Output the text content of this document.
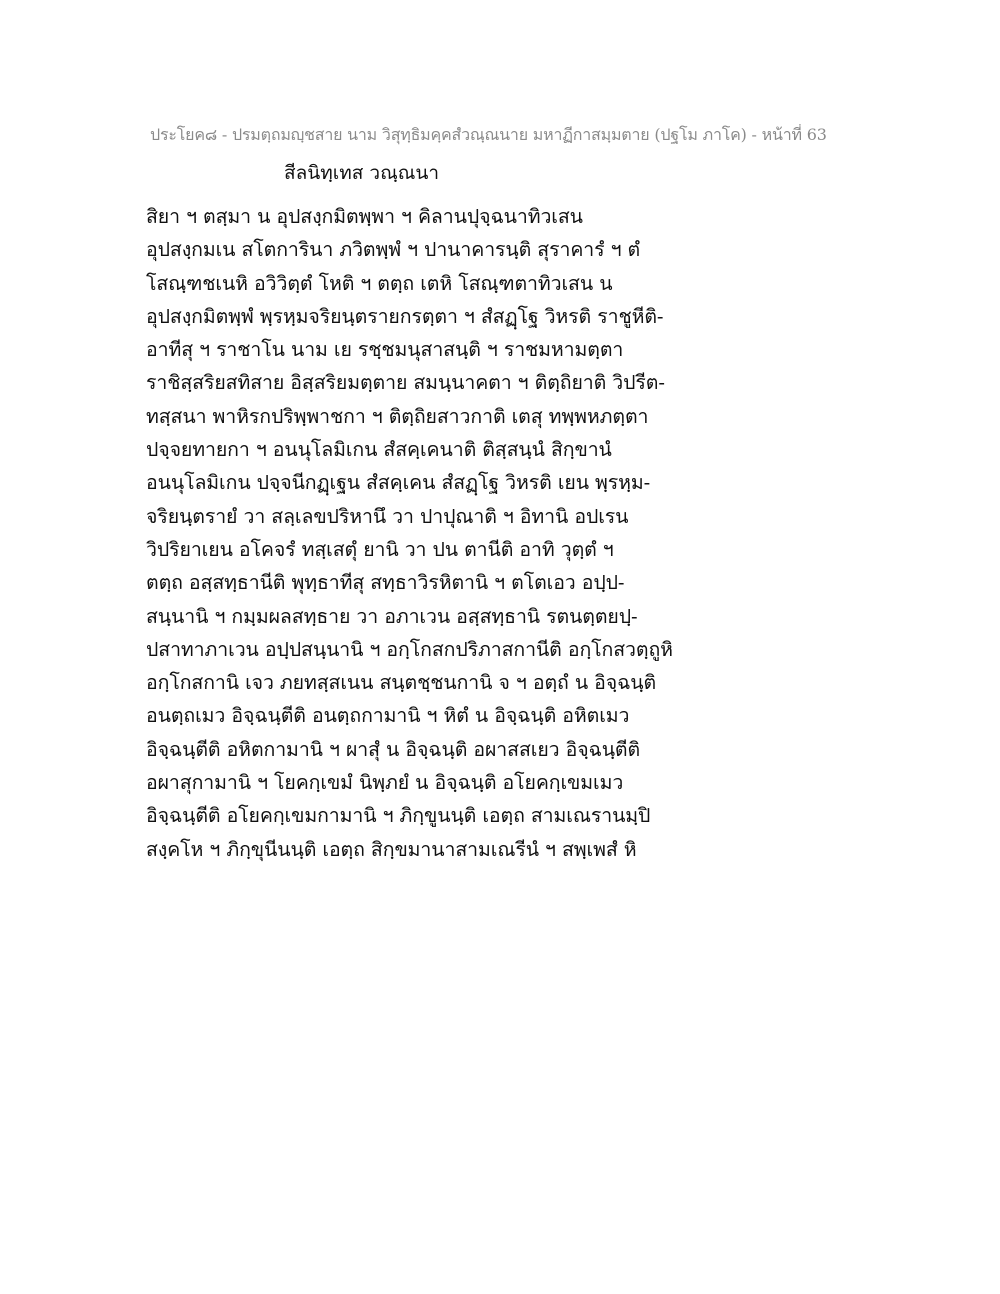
ประโยค๘ - ปรมตฺถมญฺชสาย นาม วิสุทฺธิมคฺคสํวณฺณนาย มหาฏีกาสมฺมตาย (ปฐโม ภาโค) - หน้าที่ 63
สีลนิทฺเทส วณฺณนา
สิยา ฯ ตสฺมา น อุปสงฺกมิตพฺพา ฯ คิลานปุจฺฉนาทิวเสน
อุปสงฺกมเน สโตการินา ภวิตพฺพํ ฯ ปานาคารนฺติ สุราคารํ ฯ ตํ
โสณฺฑชเนหิ อวิวิตฺตํ โหติ ฯ ตตฺถ เตหิ โสณฺฑตาทิวเสน น
อุปสงฺกมิตพฺพํ พฺรหฺมจริยนฺตรายกรตฺตา ฯ สํสฏฺโฐ วิหรติ ราชูหีติ-
อาทีสุ ฯ ราชาโน นาม เย รชฺชมนุสาสนฺติ ฯ ราชมหามตฺตา
ราชิสฺสริยสทิสาย อิสฺสริยมตฺตาย สมนฺนาคตา ฯ ติตฺถิยาติ วิปรีต-
ทสฺสนา พาหิรกปริพฺพาชกา ฯ ติตฺถิยสาวกาติ เตสุ ทพฺพหภตฺตา
ปจฺจยทายกา ฯ อนนุโลมิเกน สํสคฺเคนาติ ติสฺสนฺนํ สิกฺขานํ
อนนุโลมิเกน ปจฺจนีกฏฺเฐน สํสคฺเคน สํสฏฺโฐ วิหรติ เยน พฺรหฺม-
จริยนฺตรายํ วา สลฺเลขปริหานึ วา ปาปุณาติ ฯ อิทานิ อปเรน
วิปริยาเยน อโคจรํ ทสฺเสตุํ ยานิ วา ปน ตานีติ อาทิ วุตฺตํ ฯ
ตตฺถ อสฺสทฺธานีติ พุทฺธาทีสุ สทฺธาวิรหิตานิ ฯ ตโตเอว อปฺป-
สนฺนานิ ฯ กมฺมผลสทฺธาย วา อภาเวน อสฺสทฺธานิ รตนตฺตยปฺ-
ปสาทาภาเวน อปฺปสนฺนานิ ฯ อกฺโกสกปริภาสกานีติ อกฺโกสวตฺถูหิ
อกฺโกสกานิ เจว ภยทสฺสเนน สนฺตชฺชนกานิ จ ฯ อตฺถํ น อิจฺฉนฺติ
อนตฺถเมว อิจฺฉนฺตีติ อนตฺถกามานิ ฯ หิตํ น อิจฺฉนฺติ อหิตเมว
อิจฺฉนฺตีติ อหิตกามานิ ฯ ผาสุํ น อิจฺฉนฺติ อผาสสเยว อิจฺฉนฺตีติ
อผาสุกามานิ ฯ โยคกฺเขมํ นิพฺภยํ น อิจฺฉนฺติ อโยคกฺเขมเมว
อิจฺฉนฺตีติ อโยคกฺเขมกามานิ ฯ ภิกฺขูนนฺติ เอตฺถ สามเณรานมฺปิ
สงฺคโห ฯ ภิกฺขุนีนนฺติ เอตฺถ สิกฺขมานาสามเณรีนํ ฯ สพฺเพสํ หิ
